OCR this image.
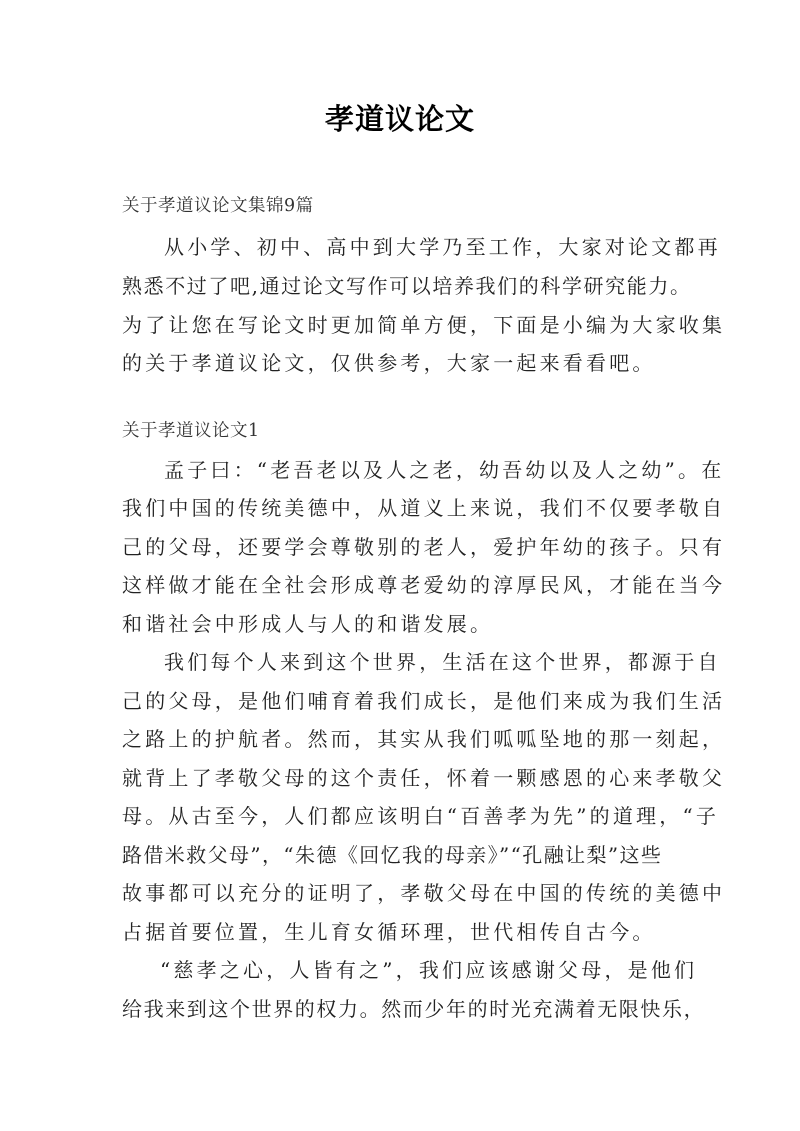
孝道议论文
关于孝道议论文集锦9篇
从小学、初中、高中到大学乃至工作，大家对论文都再
熟悉不过了吧,通过论文写作可以培养我们的科学研究能力。
为了让您在写论文时更加简单方便，下面是小编为大家收集
的关于孝道议论文，仅供参考，大家一起来看看吧。
关于孝道议论文1
孟子曰：“老吾老以及人之老，幼吾幼以及人之幼”。在
我们中国的传统美德中，从道义上来说，我们不仅要孝敬自
己的父母，还要学会尊敬别的老人，爱护年幼的孩子。只有
这样做才能在全社会形成尊老爱幼的淳厚民风，才能在当今
和谐社会中形成人与人的和谐发展。
我们每个人来到这个世界，生活在这个世界，都源于自
己的父母，是他们哺育着我们成长，是他们来成为我们生活
之路上的护航者。然而，其实从我们呱呱坠地的那一刻起，
就背上了孝敬父母的这个责任，怀着一颗感恩的心来孝敬父
母。从古至今，人们都应该明白“百善孝为先”的道理，“子
路借米救父母”，“朱德《回忆我的母亲》”“孔融让梨”这些
故事都可以充分的证明了，孝敬父母在中国的传统的美德中
占据首要位置，生儿育女循环理，世代相传自古今。
“慈孝之心，人皆有之”，我们应该感谢父母，是他们
给我来到这个世界的权力。然而少年的时光充满着无限快乐，
